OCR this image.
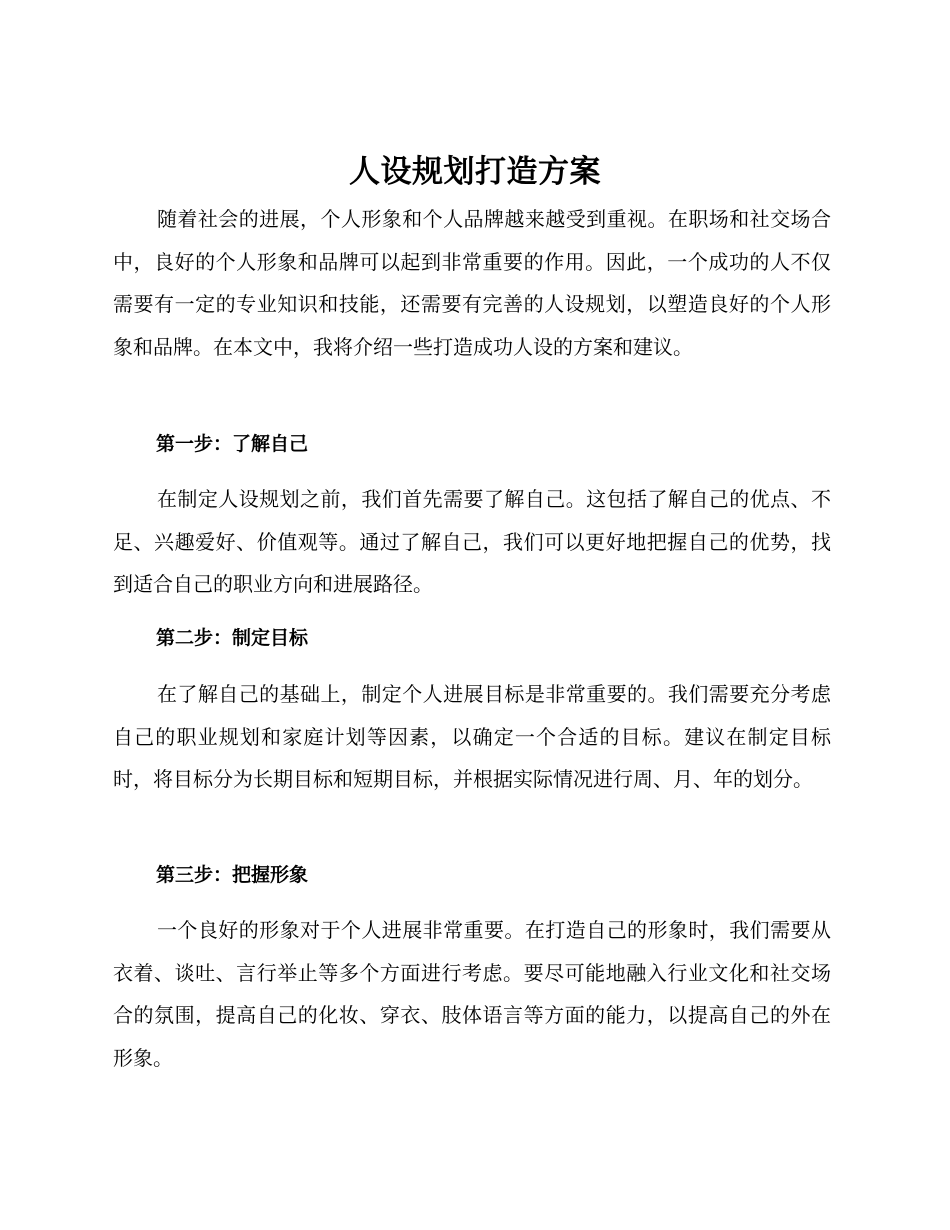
人设规划打造方案

随着社会的进展，个人形象和个人品牌越来越受到重视。在职场和社交场合中，良好的个人形象和品牌可以起到非常重要的作用。因此，一个成功的人不仅需要有一定的专业知识和技能，还需要有完善的人设规划，以塑造良好的个人形象和品牌。在本文中，我将介绍一些打造成功人设的方案和建议。

第一步：了解自己

在制定人设规划之前，我们首先需要了解自己。这包括了解自己的优点、不足、兴趣爱好、价值观等。通过了解自己，我们可以更好地把握自己的优势，找到适合自己的职业方向和进展路径。

第二步：制定目标

在了解自己的基础上，制定个人进展目标是非常重要的。我们需要充分考虑自己的职业规划和家庭计划等因素，以确定一个合适的目标。建议在制定目标时，将目标分为长期目标和短期目标，并根据实际情况进行周、月、年的划分。

第三步：把握形象

一个良好的形象对于个人进展非常重要。在打造自己的形象时，我们需要从衣着、谈吐、言行举止等多个方面进行考虑。要尽可能地融入行业文化和社交场合的氛围，提高自己的化妆、穿衣、肢体语言等方面的能力，以提高自己的外在形象。
